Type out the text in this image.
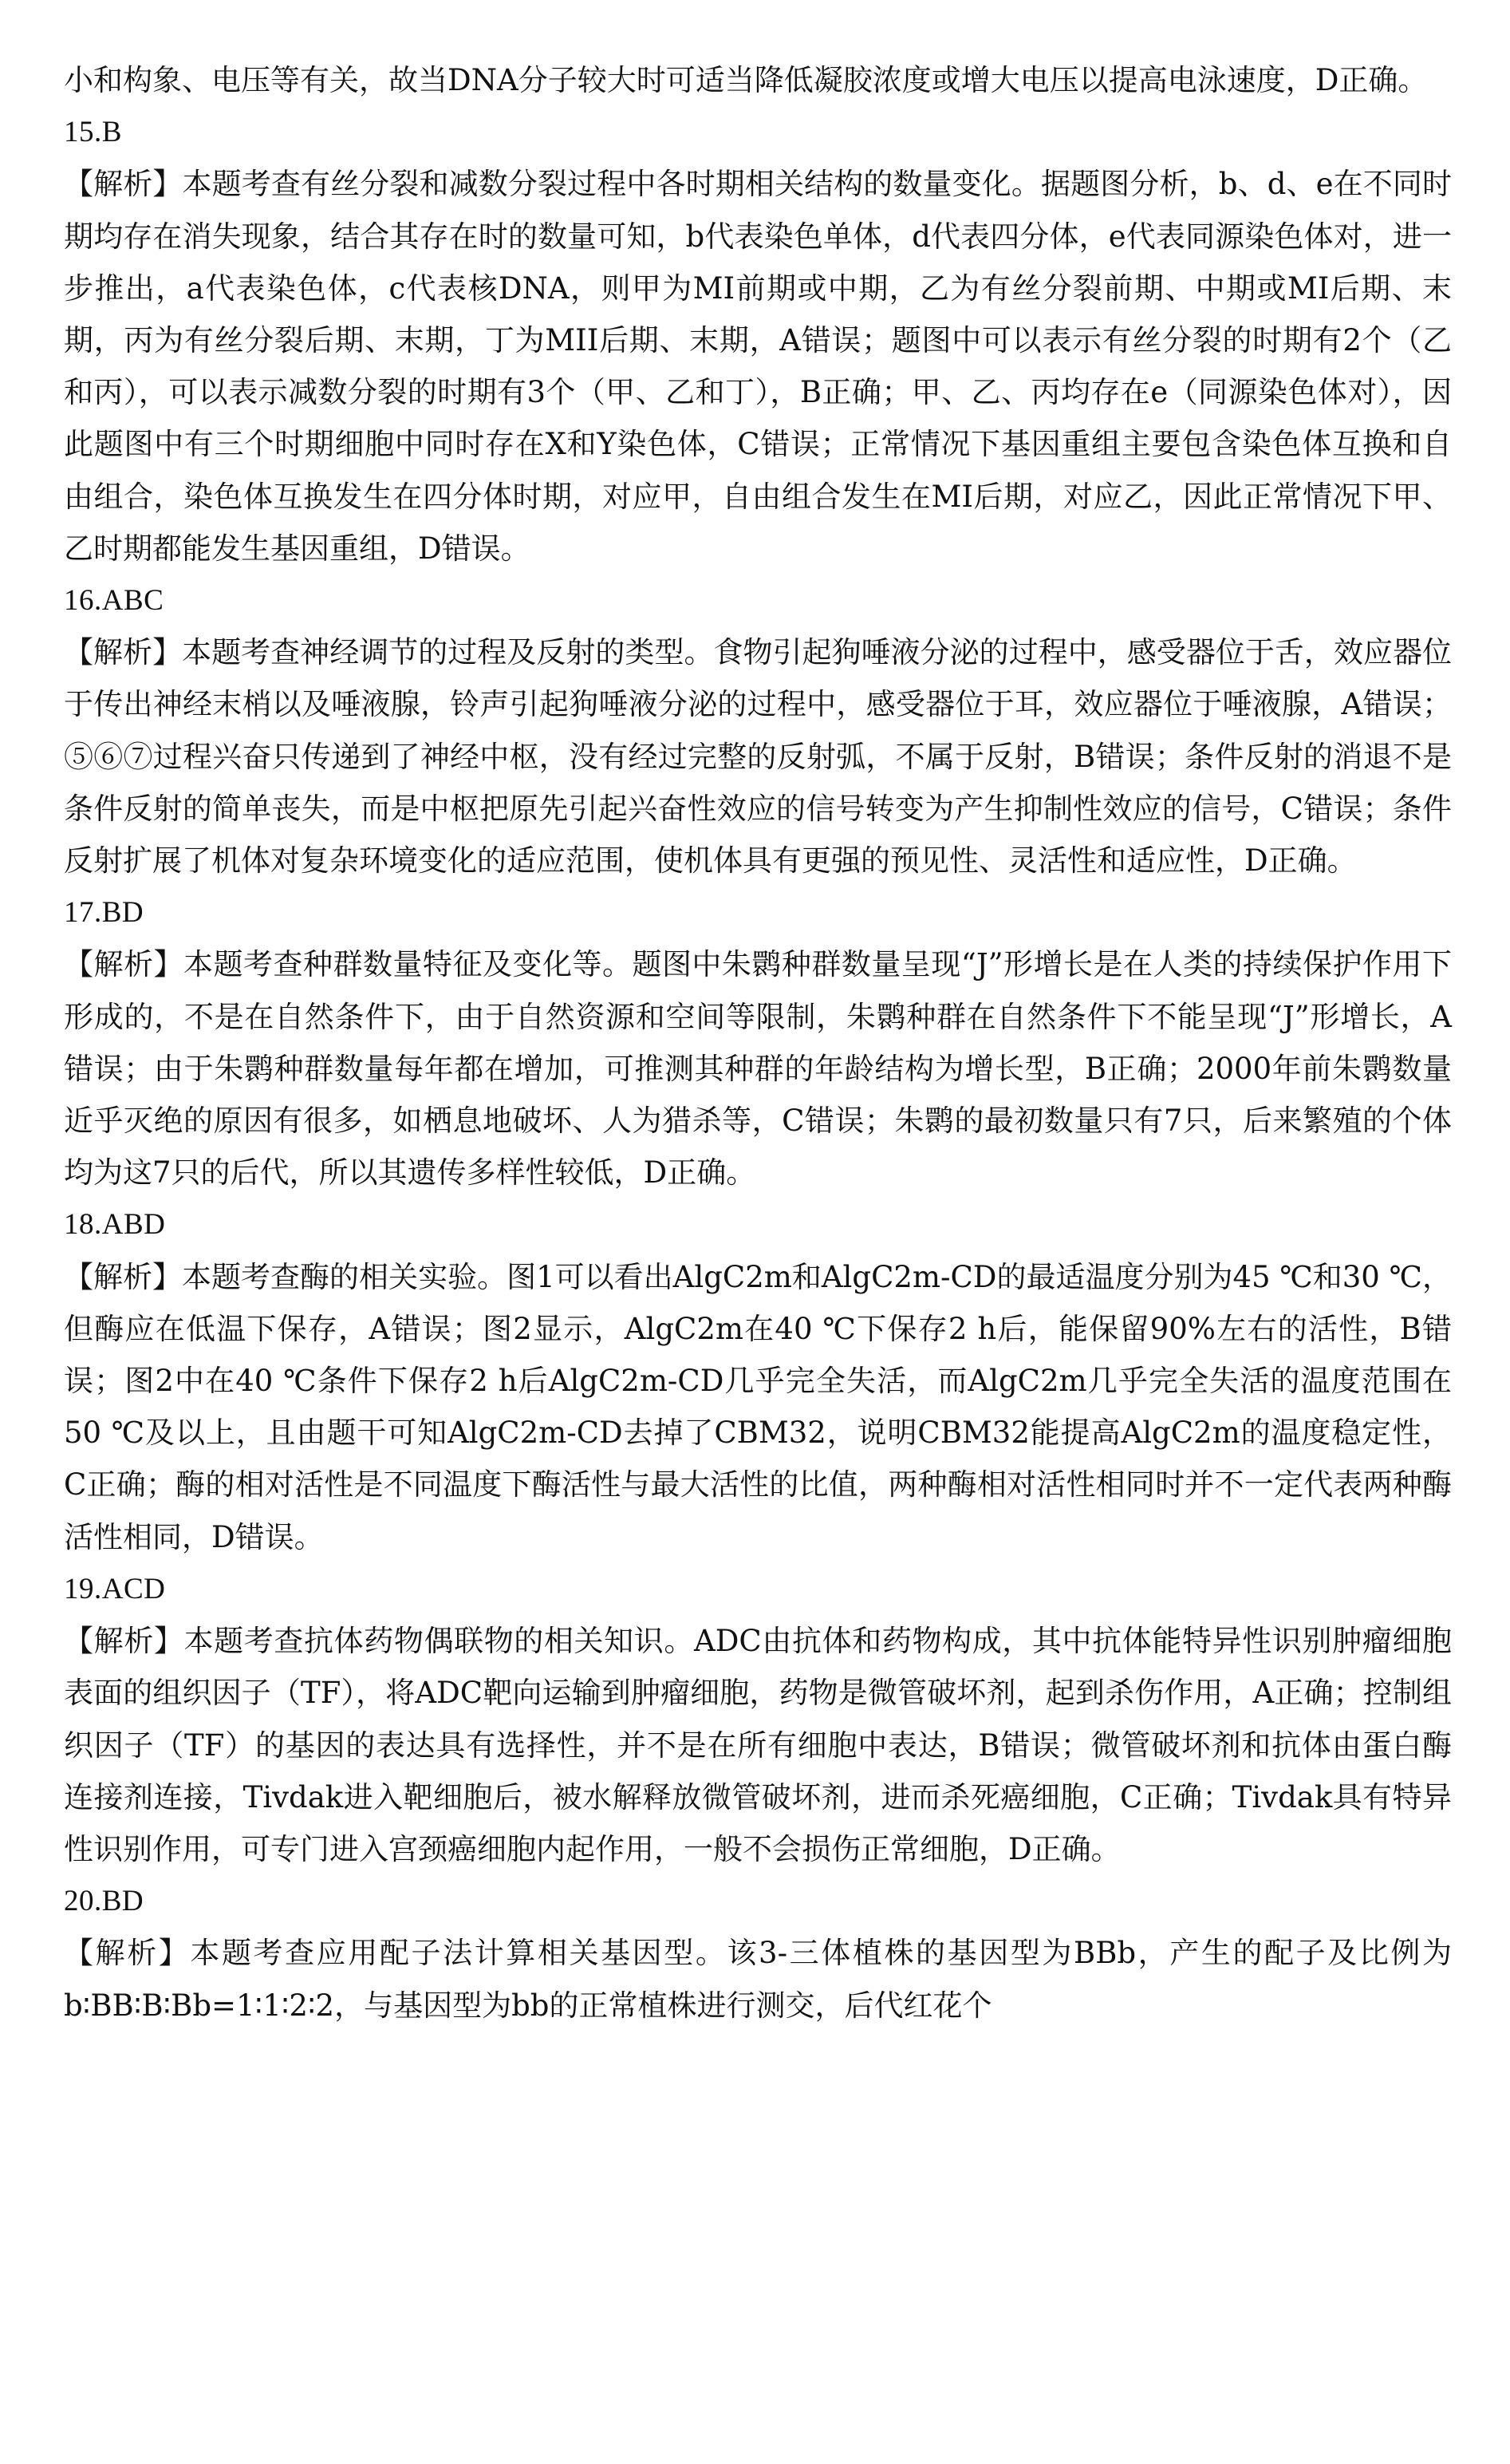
小和构象、电压等有关，故当DNA分子较大时可适当降低凝胶浓度或增大电压以提高电泳速度，D正确。

15.B

【解析】本题考查有丝分裂和减数分裂过程中各时期相关结构的数量变化。据题图分析，b、d、e在不同时期均存在消失现象，结合其存在时的数量可知，b代表染色单体，d代表四分体，e代表同源染色体对，进一步推出，a代表染色体，c代表核DNA，则甲为MI前期或中期，乙为有丝分裂前期、中期或MI后期、末期，丙为有丝分裂后期、末期，丁为MII后期、末期，A错误；题图中可以表示有丝分裂的时期有2个（乙和丙），可以表示减数分裂的时期有3个（甲、乙和丁），B正确；甲、乙、丙均存在e（同源染色体对），因此题图中有三个时期细胞中同时存在X和Y染色体，C错误；正常情况下基因重组主要包含染色体互换和自由组合，染色体互换发生在四分体时期，对应甲，自由组合发生在MI后期，对应乙，因此正常情况下甲、乙时期都能发生基因重组，D错误。

16.ABC

【解析】本题考查神经调节的过程及反射的类型。食物引起狗唾液分泌的过程中，感受器位于舌，效应器位于传出神经末梢以及唾液腺，铃声引起狗唾液分泌的过程中，感受器位于耳，效应器位于唾液腺，A错误；⑤⑥⑦过程兴奋只传递到了神经中枢，没有经过完整的反射弧，不属于反射，B错误；条件反射的消退不是条件反射的简单丧失，而是中枢把原先引起兴奋性效应的信号转变为产生抑制性效应的信号，C错误；条件反射扩展了机体对复杂环境变化的适应范围，使机体具有更强的预见性、灵活性和适应性，D正确。

17.BD

【解析】本题考查种群数量特征及变化等。题图中朱鹮种群数量呈现“J”形增长是在人类的持续保护作用下形成的，不是在自然条件下，由于自然资源和空间等限制，朱鹮种群在自然条件下不能呈现“J”形增长，A错误；由于朱鹮种群数量每年都在增加，可推测其种群的年龄结构为增长型，B正确；2000年前朱鹮数量近乎灭绝的原因有很多，如栖息地破坏、人为猎杀等，C错误；朱鹮的最初数量只有7只，后来繁殖的个体均为这7只的后代，所以其遗传多样性较低，D正确。

18.ABD

【解析】本题考查酶的相关实验。图1可以看出AlgC2m和AlgC2m-CD的最适温度分别为45 ℃和30 ℃，但酶应在低温下保存，A错误；图2显示，AlgC2m在40 ℃下保存2 h后，能保留90%左右的活性，B错误；图2中在40 ℃条件下保存2 h后AlgC2m-CD几乎完全失活，而AlgC2m几乎完全失活的温度范围在50 ℃及以上，且由题干可知AlgC2m-CD去掉了CBM32，说明CBM32能提高AlgC2m的温度稳定性，C正确；酶的相对活性是不同温度下酶活性与最大活性的比值，两种酶相对活性相同时并不一定代表两种酶活性相同，D错误。

19.ACD

【解析】本题考查抗体药物偶联物的相关知识。ADC由抗体和药物构成，其中抗体能特异性识别肿瘤细胞表面的组织因子（TF），将ADC靶向运输到肿瘤细胞，药物是微管破坏剂，起到杀伤作用，A正确；控制组织因子（TF）的基因的表达具有选择性，并不是在所有细胞中表达，B错误；微管破坏剂和抗体由蛋白酶连接剂连接，Tivdak进入靶细胞后，被水解释放微管破坏剂，进而杀死癌细胞，C正确；Tivdak具有特异性识别作用，可专门进入宫颈癌细胞内起作用，一般不会损伤正常细胞，D正确。

20.BD

【解析】本题考查应用配子法计算相关基因型。该3-三体植株的基因型为BBb，产生的配子及比例为b∶BB∶B∶Bb=1∶1∶2∶2，与基因型为bb的正常植株进行测交，后代红花个
